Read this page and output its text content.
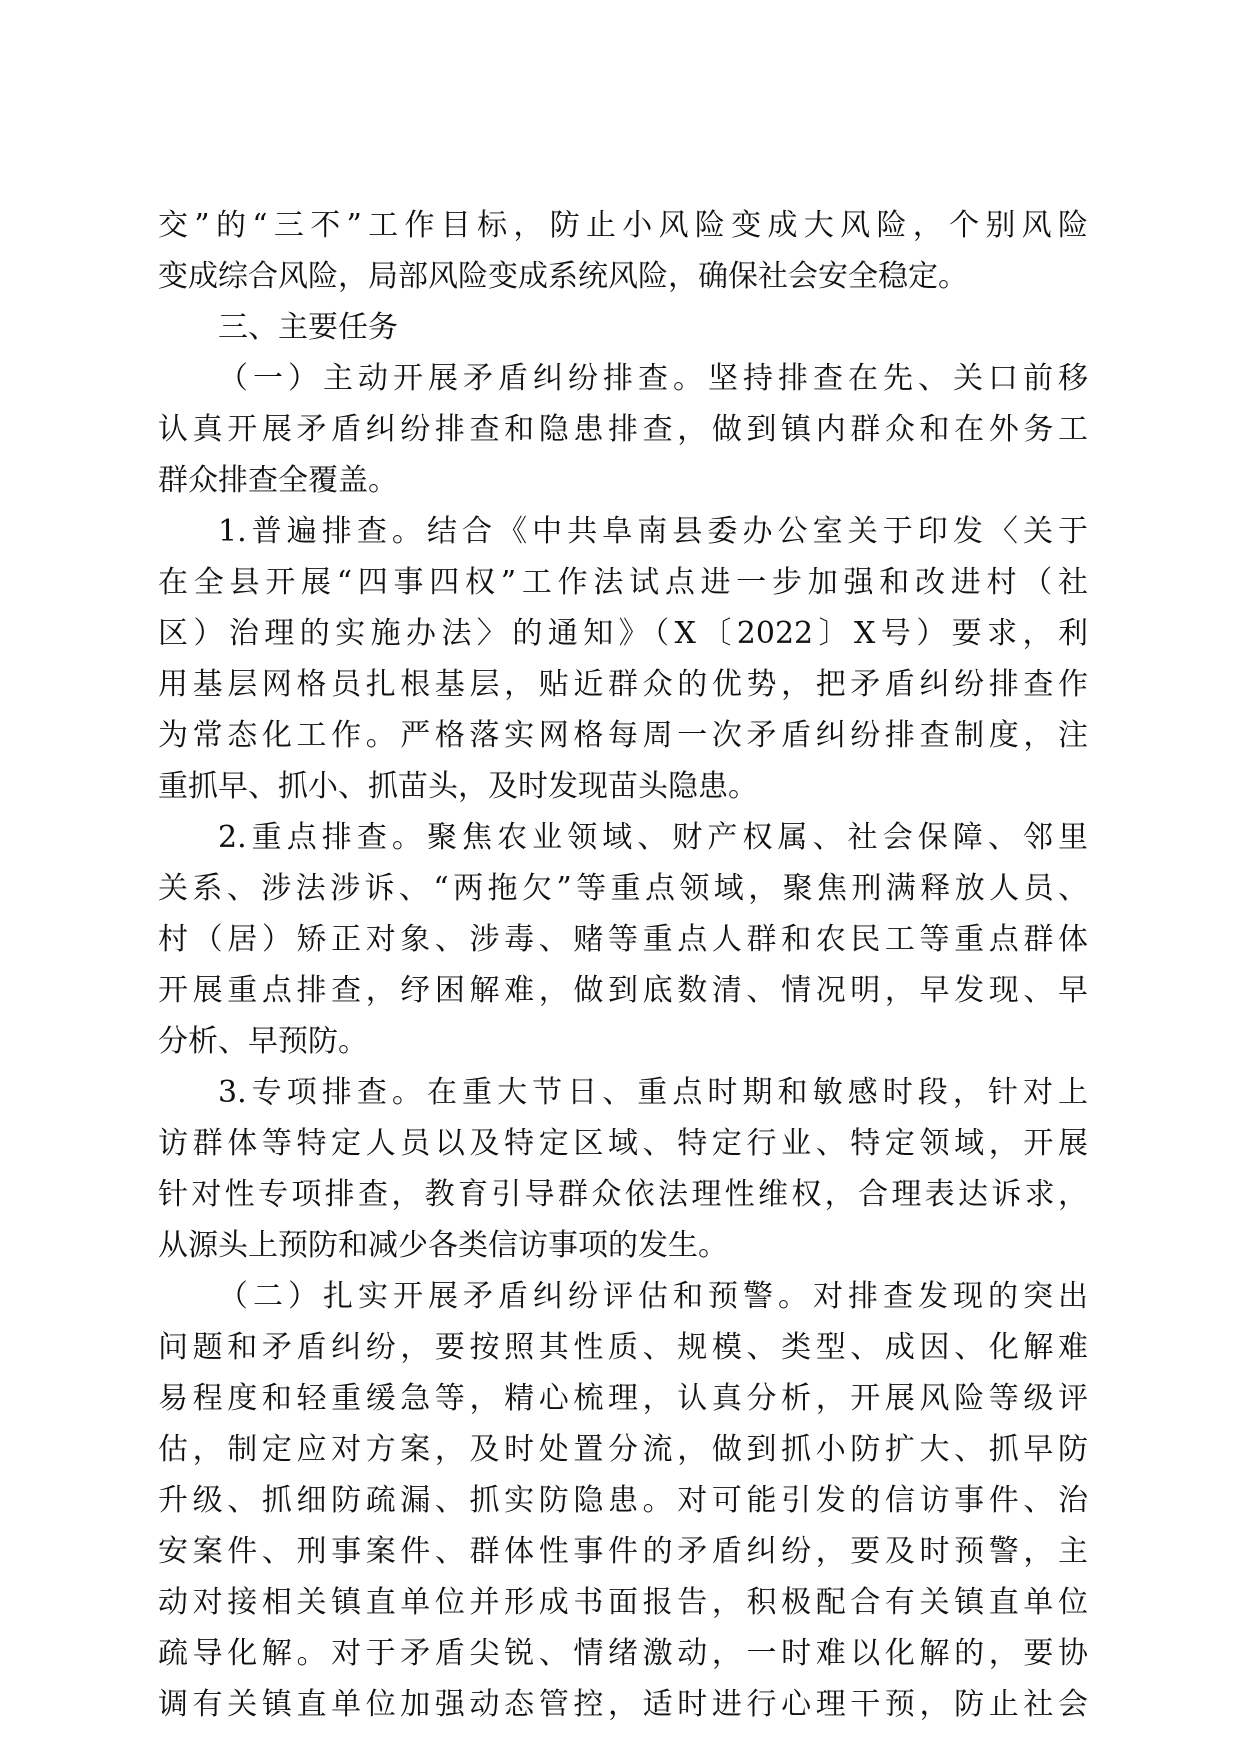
交”的“三不”工作目标，防止小风险变成大风险，个别风险
变成综合风险，局部风险变成系统风险，确保社会安全稳定。
三、主要任务
（一）主动开展矛盾纠纷排查。坚持排查在先、关口前移
认真开展矛盾纠纷排查和隐患排查，做到镇内群众和在外务工
群众排查全覆盖。
1.普遍排查。结合《中共阜南县委办公室关于印发〈关于
在全县开展“四事四权”工作法试点进一步加强和改进村（社
区）治理的实施办法〉的通知》（X〔2022〕X号）要求，利
用基层网格员扎根基层，贴近群众的优势，把矛盾纠纷排查作
为常态化工作。严格落实网格每周一次矛盾纠纷排查制度，注
重抓早、抓小、抓苗头，及时发现苗头隐患。
2.重点排查。聚焦农业领域、财产权属、社会保障、邻里
关系、涉法涉诉、“两拖欠”等重点领域，聚焦刑满释放人员、
村（居）矫正对象、涉毒、赌等重点人群和农民工等重点群体
开展重点排查，纾困解难，做到底数清、情况明，早发现、早
分析、早预防。
3.专项排查。在重大节日、重点时期和敏感时段，针对上
访群体等特定人员以及特定区域、特定行业、特定领域，开展
针对性专项排查，教育引导群众依法理性维权，合理表达诉求，
从源头上预防和减少各类信访事项的发生。
（二）扎实开展矛盾纠纷评估和预警。对排查发现的突出
问题和矛盾纠纷，要按照其性质、规模、类型、成因、化解难
易程度和轻重缓急等，精心梳理，认真分析，开展风险等级评
估，制定应对方案，及时处置分流，做到抓小防扩大、抓早防
升级、抓细防疏漏、抓实防隐患。对可能引发的信访事件、治
安案件、刑事案件、群体性事件的矛盾纠纷，要及时预警，主
动对接相关镇直单位并形成书面报告，积极配合有关镇直单位
疏导化解。对于矛盾尖锐、情绪激动，一时难以化解的，要协
调有关镇直单位加强动态管控，适时进行心理干预，防止社会
